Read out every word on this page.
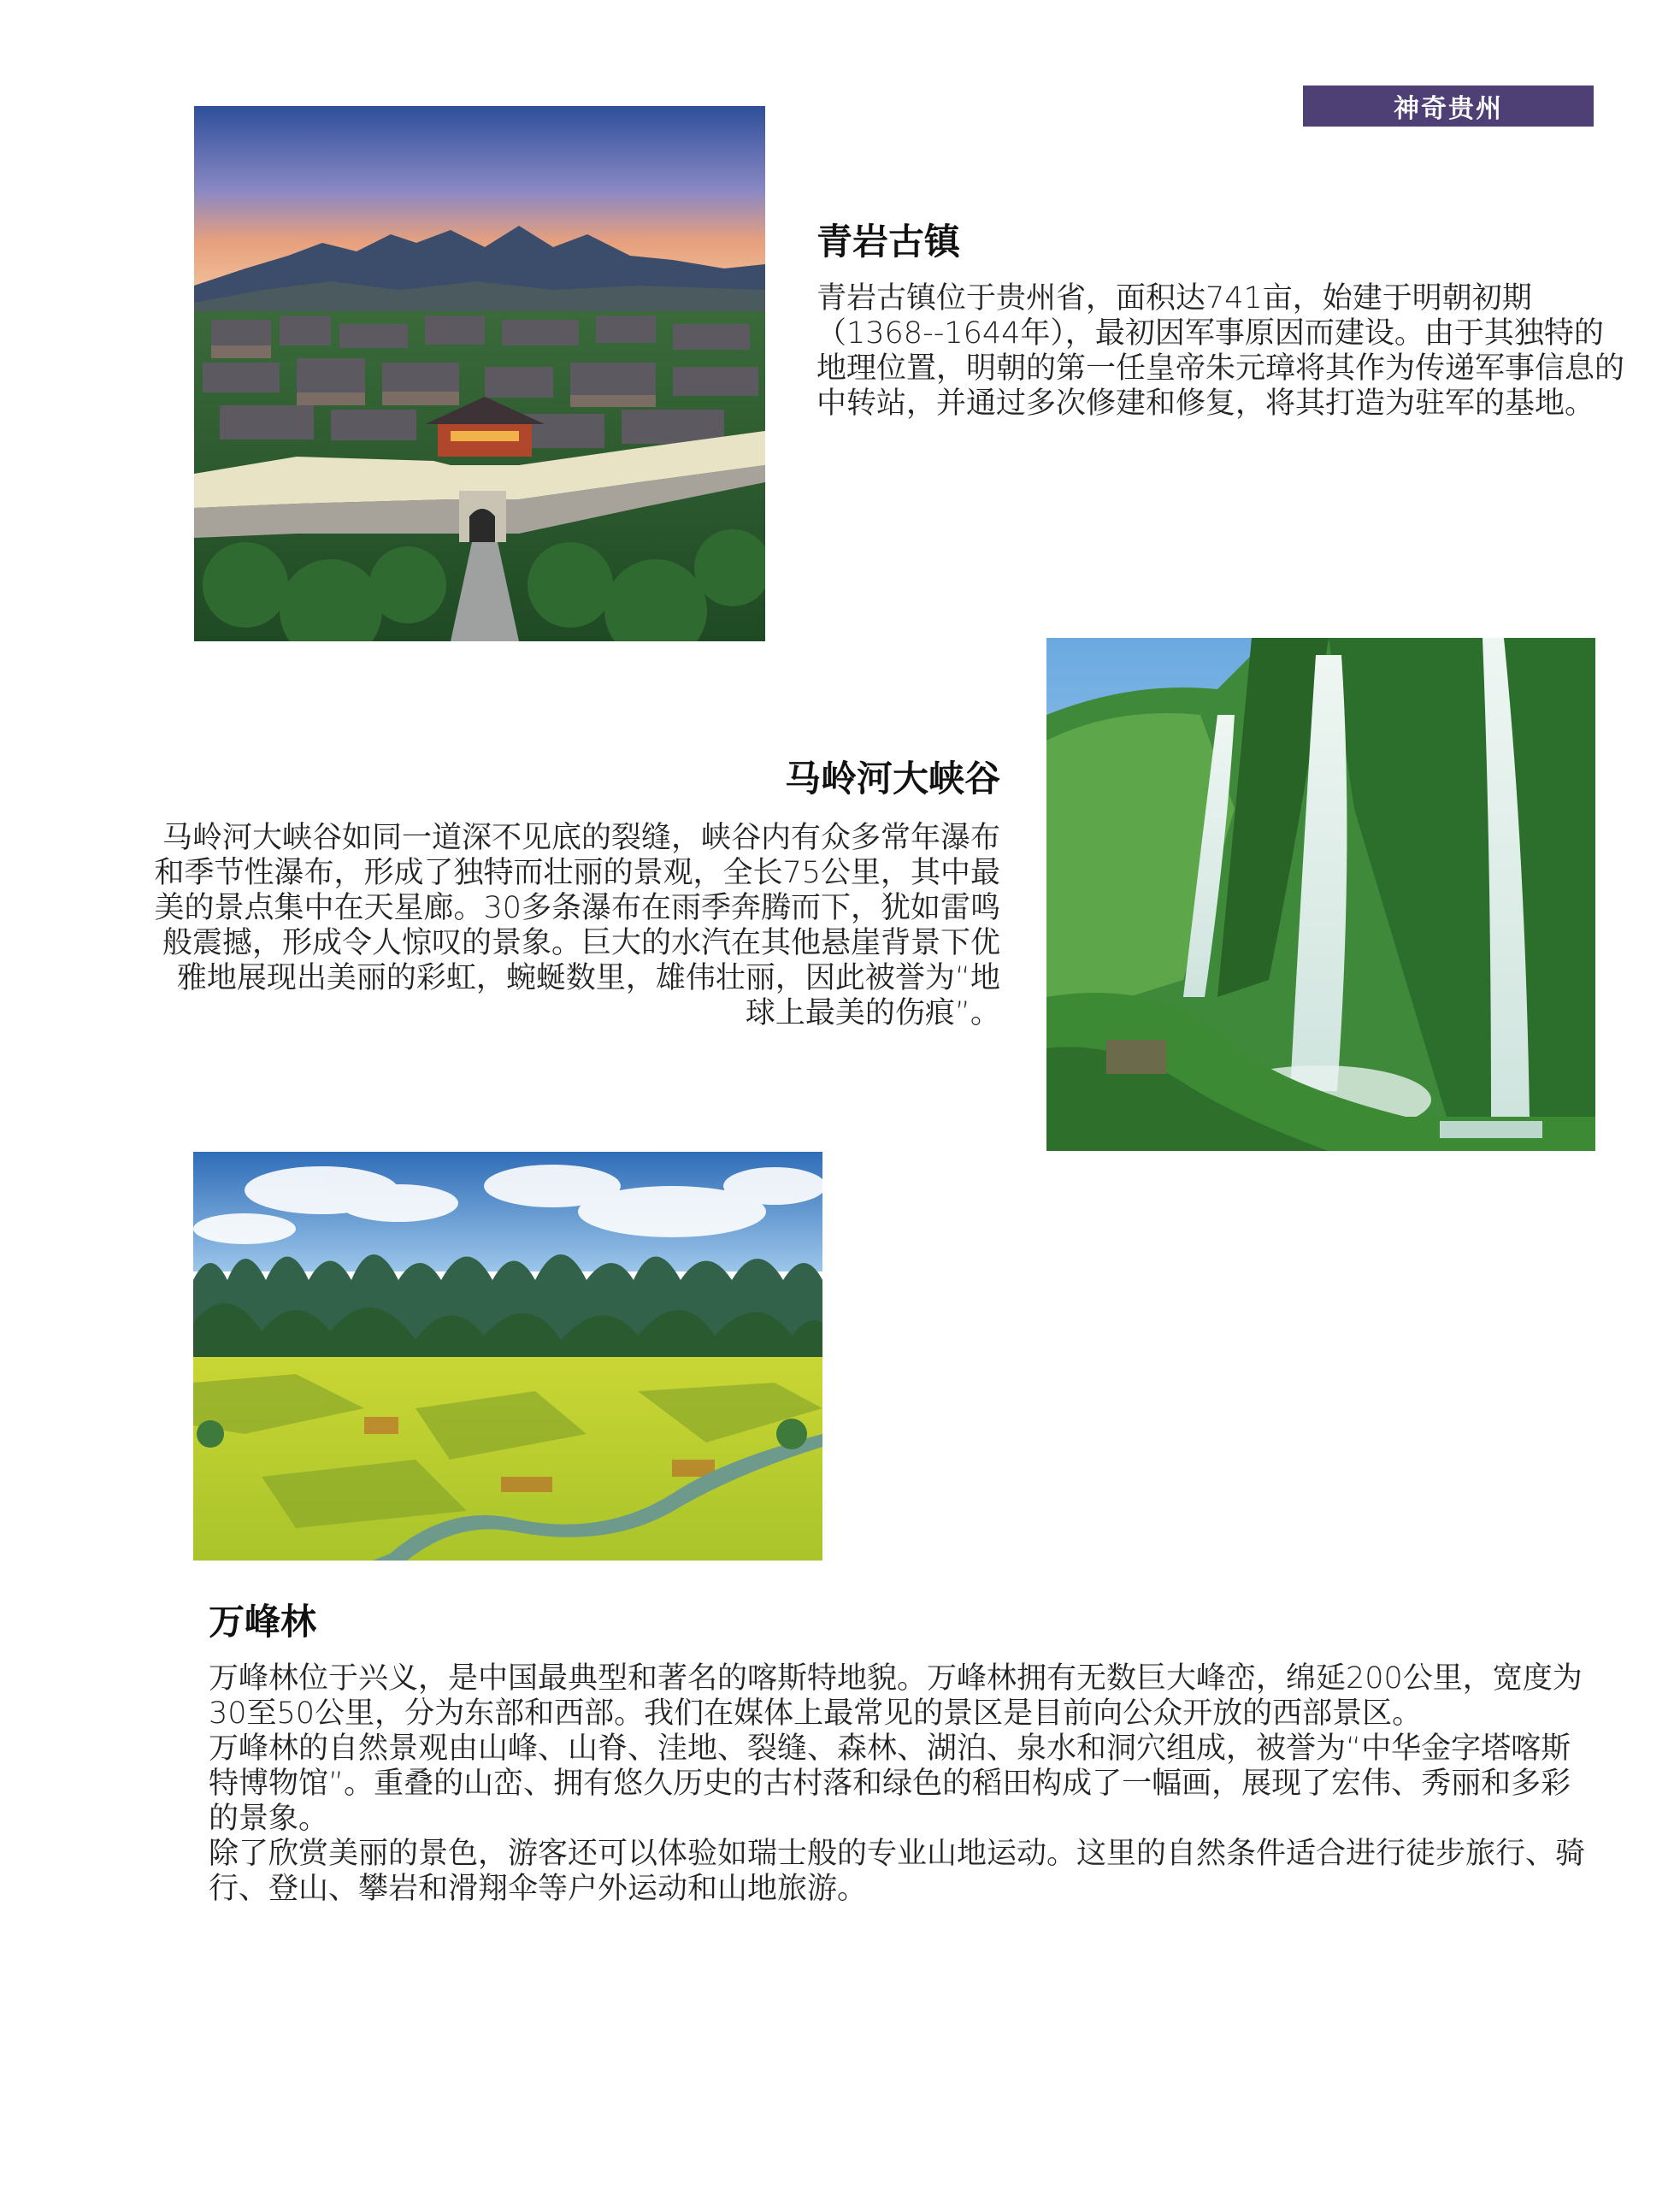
神奇贵州
青岩古镇

青岩古镇位于贵州省，面积达741亩，始建于明朝初期（1368--1644年），最初因军事原因而建设。由于其独特的地理位置，明朝的第一任皇帝朱元璋将其作为传递军事信息的中转站，并通过多次修建和修复，将其打造为驻军的基地。

马岭河大峡谷

马岭河大峡谷如同一道深不见底的裂缝，峡谷内有众多常年瀑布和季节性瀑布，形成了独特而壮丽的景观，全长75公里，其中最美的景点集中在天星廊。30多条瀑布在雨季奔腾而下，犹如雷鸣般震撼，形成令人惊叹的景象。巨大的水汽在其他悬崖背景下优雅地展现出美丽的彩虹，蜿蜒数里，雄伟壮丽，因此被誉为“地球上最美的伤痕”。

万峰林

万峰林位于兴义，是中国最典型和著名的喀斯特地貌。万峰林拥有无数巨大峰峦，绵延200公里，宽度为30至50公里，分为东部和西部。我们在媒体上最常见的景区是目前向公众开放的西部景区。

万峰林的自然景观由山峰、山脊、洼地、裂缝、森林、湖泊、泉水和洞穴组成，被誉为“中华金字塔喀斯特博物馆”。重叠的山峦、拥有悠久历史的古村落和绿色的稻田构成了一幅画，展现了宏伟、秀丽和多彩的景象。

除了欣赏美丽的景色，游客还可以体验如瑞士般的专业山地运动。这里的自然条件适合进行徒步旅行、骑行、登山、攀岩和滑翔伞等户外运动和山地旅游。
